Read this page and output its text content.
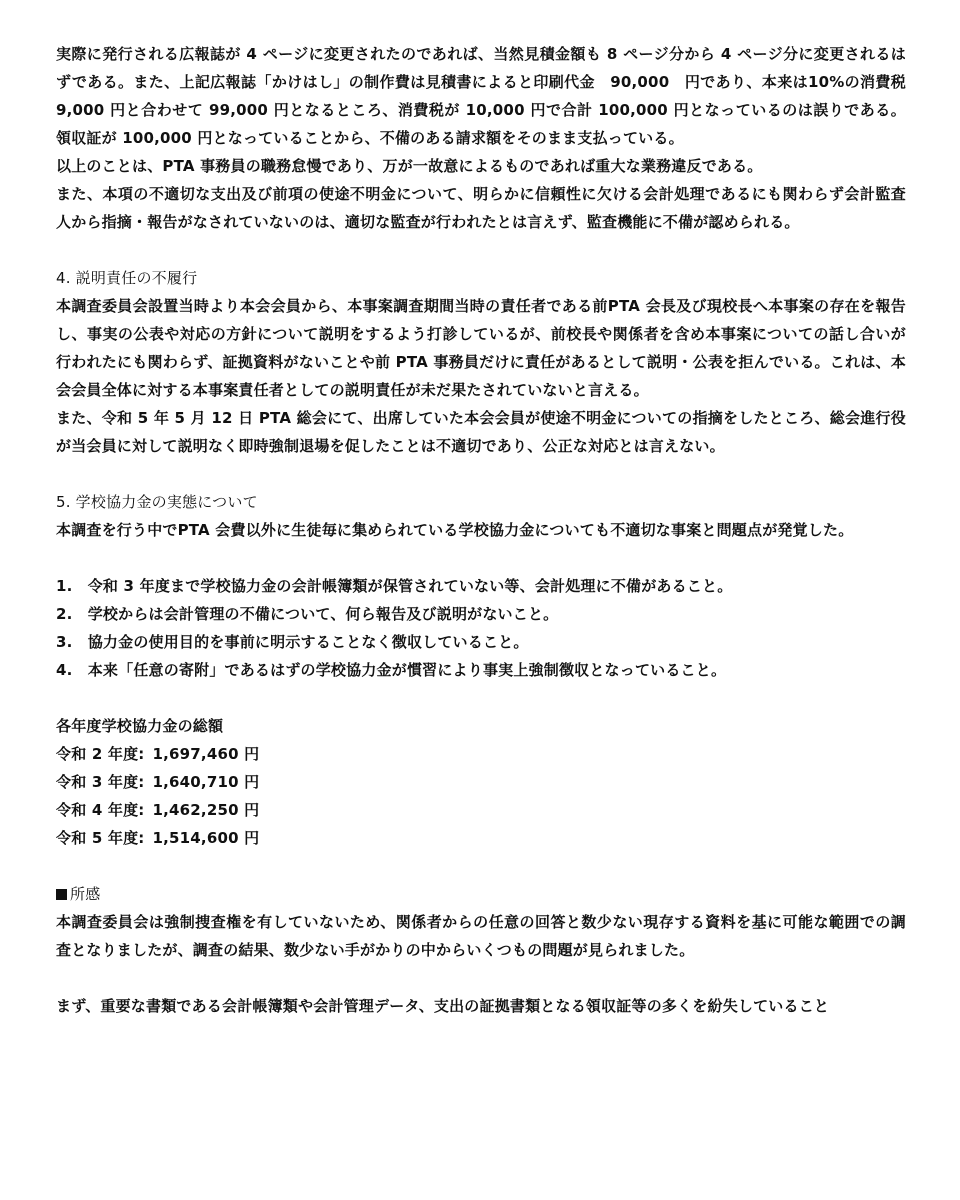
実際に発行される広報誌が 4 ページに変更されたのであれば、当然見積金額も 8 ページ分から 4 ページ分に変更されるはずである。また、上記広報誌「かけはし」の制作費は見積書によると印刷代金　90,000　円であり、本来は10%の消費税 9,000 円と合わせて 99,000 円となるところ、消費税が 10,000 円で合計 100,000 円となっているのは誤りである。領収証が 100,000 円となっていることから、不備のある請求額をそのまま支払っている。

以上のことは、PTA 事務員の職務怠慢であり、万が一故意によるものであれば重大な業務違反である。

また、本項の不適切な支出及び前項の使途不明金について、明らかに信頼性に欠ける会計処理であるにも関わらず会計監査人から指摘・報告がなされていないのは、適切な監査が行われたとは言えず、監査機能に不備が認められる。

4. 説明責任の不履行

本調査委員会設置当時より本会会員から、本事案調査期間当時の責任者である前PTA 会長及び現校長へ本事案の存在を報告し、事実の公表や対応の方針について説明をするよう打診しているが、前校長や関係者を含め本事案についての話し合いが行われたにも関わらず、証拠資料がないことや前 PTA 事務員だけに責任があるとして説明・公表を拒んでいる。これは、本会会員全体に対する本事案責任者としての説明責任が未だ果たされていないと言える。

また、令和 5 年 5 月 12 日 PTA 総会にて、出席していた本会会員が使途不明金についての指摘をしたところ、総会進行役が当会員に対して説明なく即時強制退場を促したことは不適切であり、公正な対応とは言えない。

5. 学校協力金の実態について

本調査を行う中でPTA 会費以外に生徒毎に集められている学校協力金についても不適切な事案と問題点が発覚した。

1.　令和 3 年度まで学校協力金の会計帳簿類が保管されていない等、会計処理に不備があること。
2.　学校からは会計管理の不備について、何ら報告及び説明がないこと。
3.　協力金の使用目的を事前に明示することなく徴収していること。
4.　本来「任意の寄附」であるはずの学校協力金が慣習により事実上強制徴収となっていること。

各年度学校協力金の総額

令和 2 年度: 1,697,460 円

令和 3 年度: 1,640,710 円

令和 4 年度: 1,462,250 円

令和 5 年度: 1,514,600 円

所感

本調査委員会は強制捜査権を有していないため、関係者からの任意の回答と数少ない現存する資料を基に可能な範囲での調査となりましたが、調査の結果、数少ない手がかりの中からいくつもの問題が見られました。

まず、重要な書類である会計帳簿類や会計管理データ、支出の証拠書類となる領収証等の多くを紛失していること
